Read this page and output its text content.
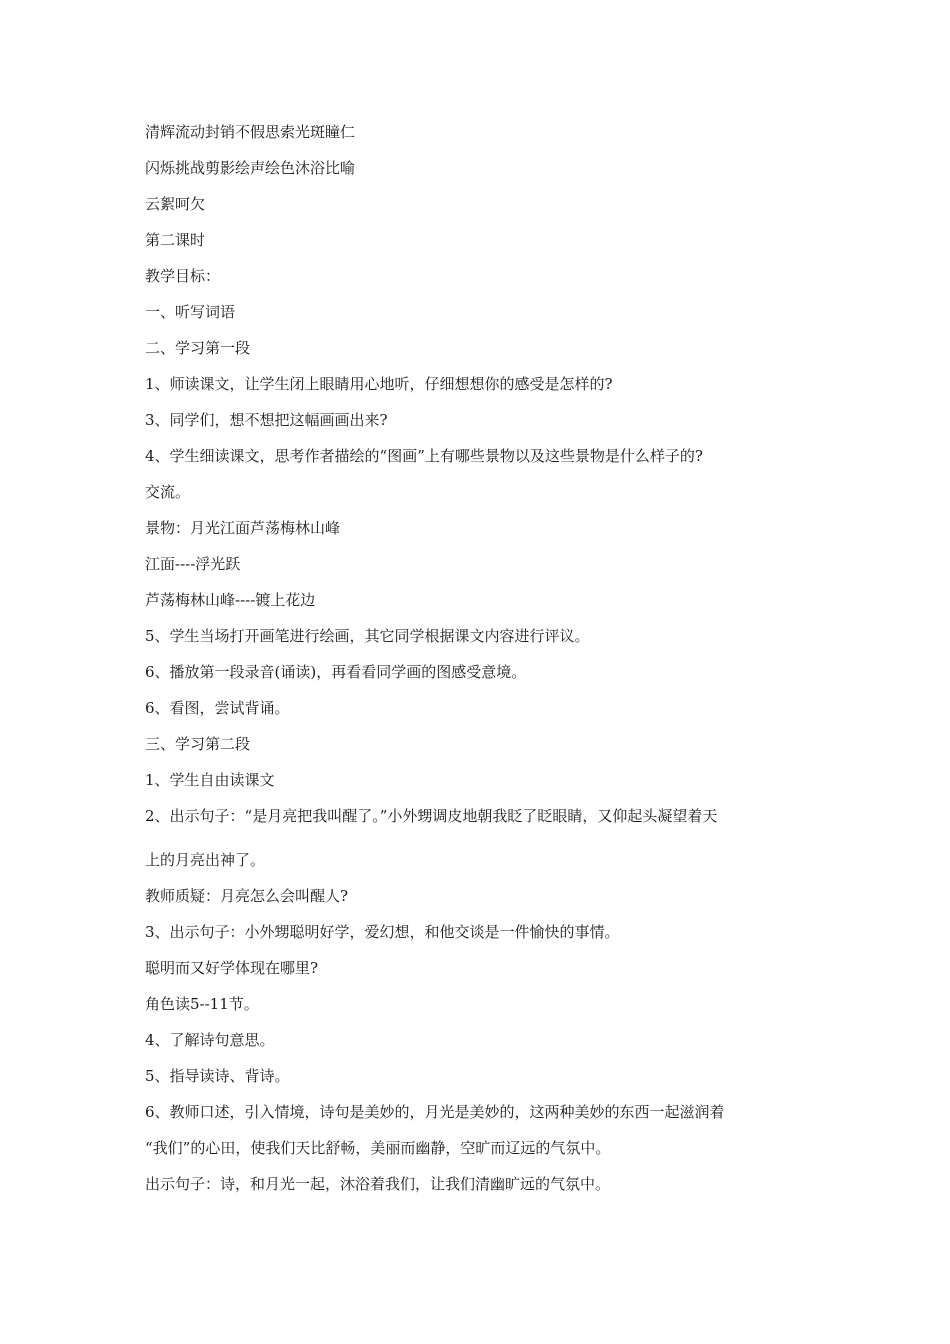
清辉流动封销不假思索光斑瞳仁

闪烁挑战剪影绘声绘色沐浴比喻

云絮呵欠

第二课时

教学目标：

一、听写词语

二、学习第一段

1、师读课文，让学生闭上眼睛用心地听，仔细想想你的感受是怎样的?

3、同学们，想不想把这幅画画出来?

4、学生细读课文，思考作者描绘的“图画”上有哪些景物以及这些景物是什么样子的?

交流。

景物：月光江面芦荡梅林山峰

江面----浮光跃

芦荡梅林山峰----镀上花边

5、学生当场打开画笔进行绘画，其它同学根据课文内容进行评议。

6、播放第一段录音(诵读)，再看看同学画的图感受意境。

6、看图，尝试背诵。

三、学习第二段

1、学生自由读课文

2、出示句子：“是月亮把我叫醒了。”小外甥调皮地朝我眨了眨眼睛，又仰起头凝望着天

上的月亮出神了。

教师质疑：月亮怎么会叫醒人?

3、出示句子：小外甥聪明好学，爱幻想，和他交谈是一件愉快的事情。

聪明而又好学体现在哪里?

角色读5--11节。

4、了解诗句意思。

5、指导读诗、背诗。

6、教师口述，引入情境，诗句是美妙的，月光是美妙的，这两种美妙的东西一起滋润着

“我们”的心田，使我们天比舒畅，美丽而幽静，空旷而辽远的气氛中。

出示句子：诗，和月光一起，沐浴着我们，让我们清幽旷远的气氛中。
